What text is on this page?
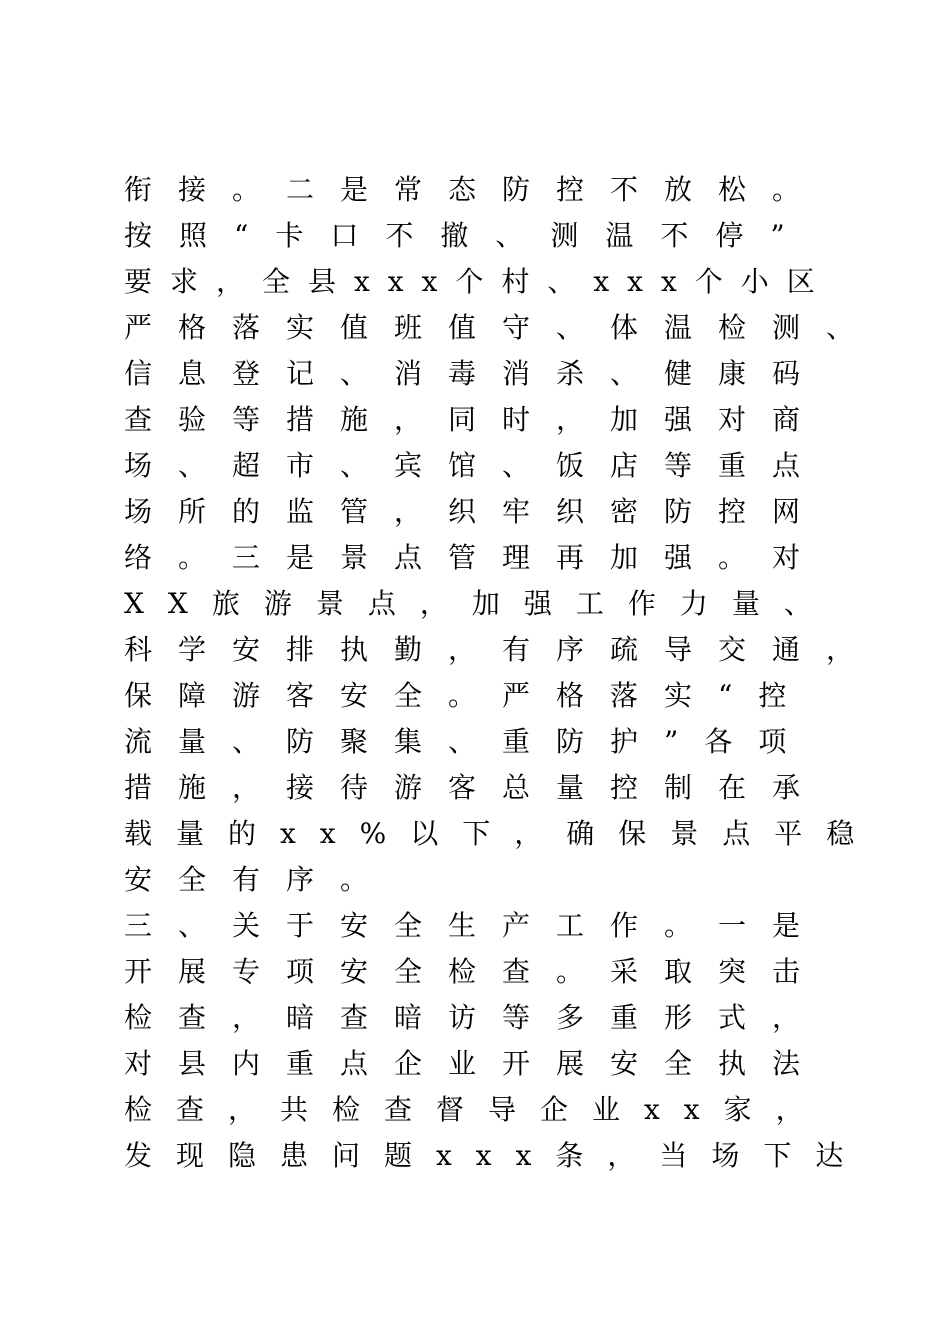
衔接。二是常态防控不放松。
按照“卡口不撤、测温不停”
要求，全县xxx个村、xxx个小区
严格落实值班值守、体温检测、
信息登记、消毒消杀、健康码
查验等措施，同时，加强对商
场、超市、宾馆、饭店等重点
场所的监管，织牢织密防控网
络。三是景点管理再加强。对
XX旅游景点，加强工作力量、
科学安排执勤，有序疏导交通，
保障游客安全。严格落实“控
流量、防聚集、重防护”各项
措施，接待游客总量控制在承
载量的xx%以下，确保景点平稳
安全有序。
三、关于安全生产工作。一是
开展专项安全检查。采取突击
检查，暗查暗访等多重形式，
对县内重点企业开展安全执法
检查，共检查督导企业xx家，
发现隐患问题xxx条，当场下达
